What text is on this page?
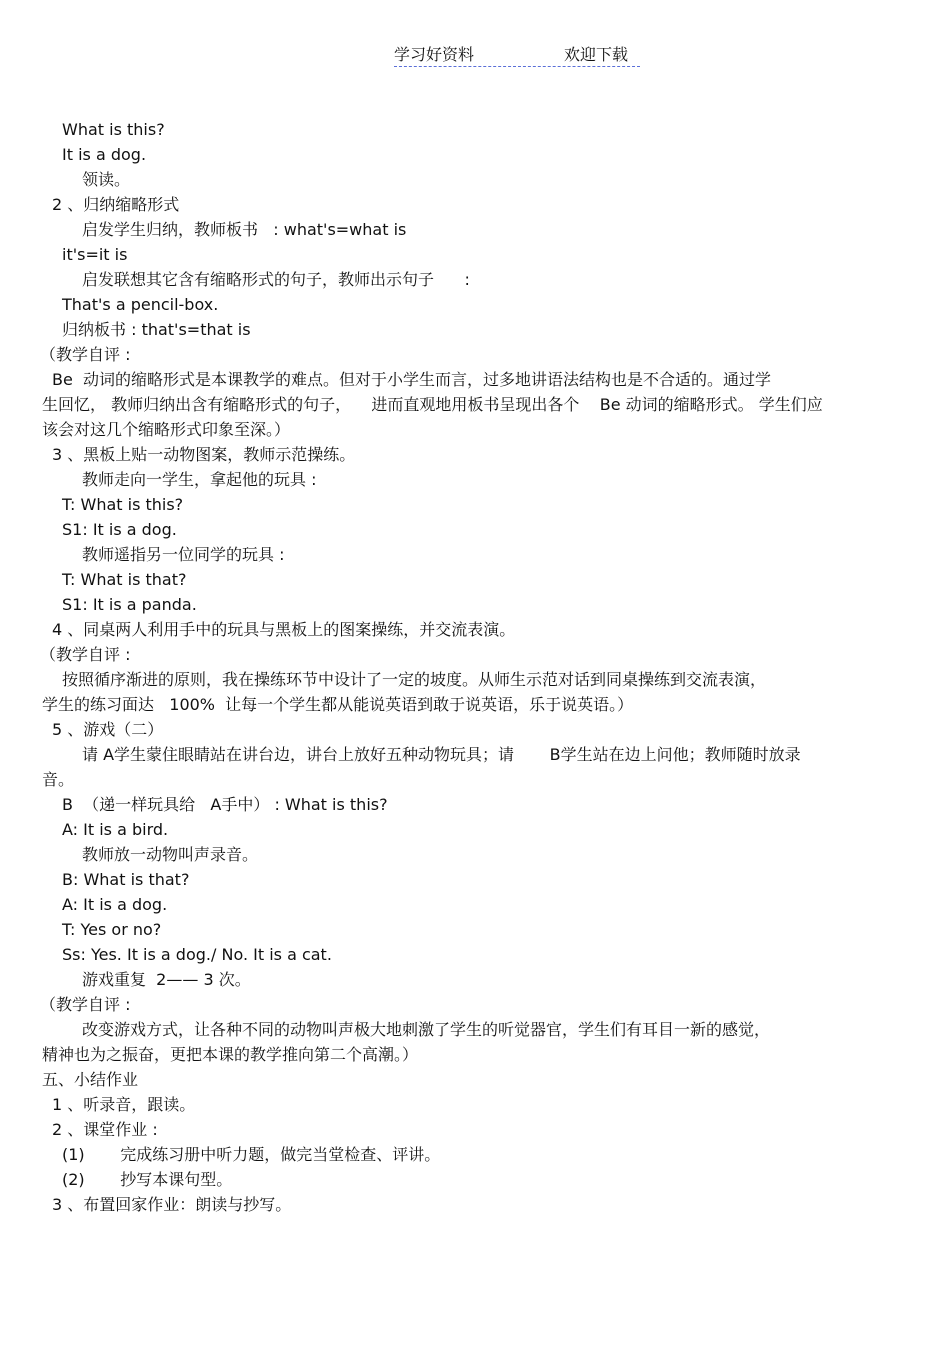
学习好资料	欢迎下载
What is this?
It is a dog.
领读。
2 、归纳缩略形式
启发学生归纳，教师板书   : what's=what is
it's=it is
启发联想其它含有缩略形式的句子，教师出示句子      :
That's a pencil-box.
归纳板书 : that's=that is
（教学自评 :
Be  动词的缩略形式是本课教学的难点。但对于小学生而言，过多地讲语法结构也是不合适的。通过学
生回忆， 教师归纳出含有缩略形式的句子，    进而直观地用板书呈现出各个    Be 动词的缩略形式。 学生们应
该会对这几个缩略形式印象至深。）
3 、黑板上贴一动物图案，教师示范操练。
教师走向一学生，拿起他的玩具 :
T: What is this?
S1: It is a dog.
教师遥指另一位同学的玩具 :
T: What is that?
S1: It is a panda.
4 、同桌两人利用手中的玩具与黑板上的图案操练，并交流表演。
（教学自评 :
按照循序渐进的原则，我在操练环节中设计了一定的坡度。从师生示范对话到同桌操练到交流表演，
学生的练习面达   100%  让每一个学生都从能说英语到敢于说英语，乐于说英语。）
5 、游戏（二）
请 A学生蒙住眼睛站在讲台边，讲台上放好五种动物玩具；请       B学生站在边上问他；教师随时放录
音。
B  （递一样玩具给   A手中） : What is this?
A: It is a bird.
教师放一动物叫声录音。
B: What is that?
A: It is a dog.
T: Yes or no?
Ss: Yes. It is a dog./ No. It is a cat.
游戏重复  2—— 3 次。
（教学自评 :
改变游戏方式，让各种不同的动物叫声极大地刺激了学生的听觉器官，学生们有耳目一新的感觉，
精神也为之振奋，更把本课的教学推向第二个高潮。）
五、小结作业
1 、听录音，跟读。
2 、课堂作业 :
(1)       完成练习册中听力题，做完当堂检查、评讲。
(2)       抄写本课句型。
3 、布置回家作业：朗读与抄写。
